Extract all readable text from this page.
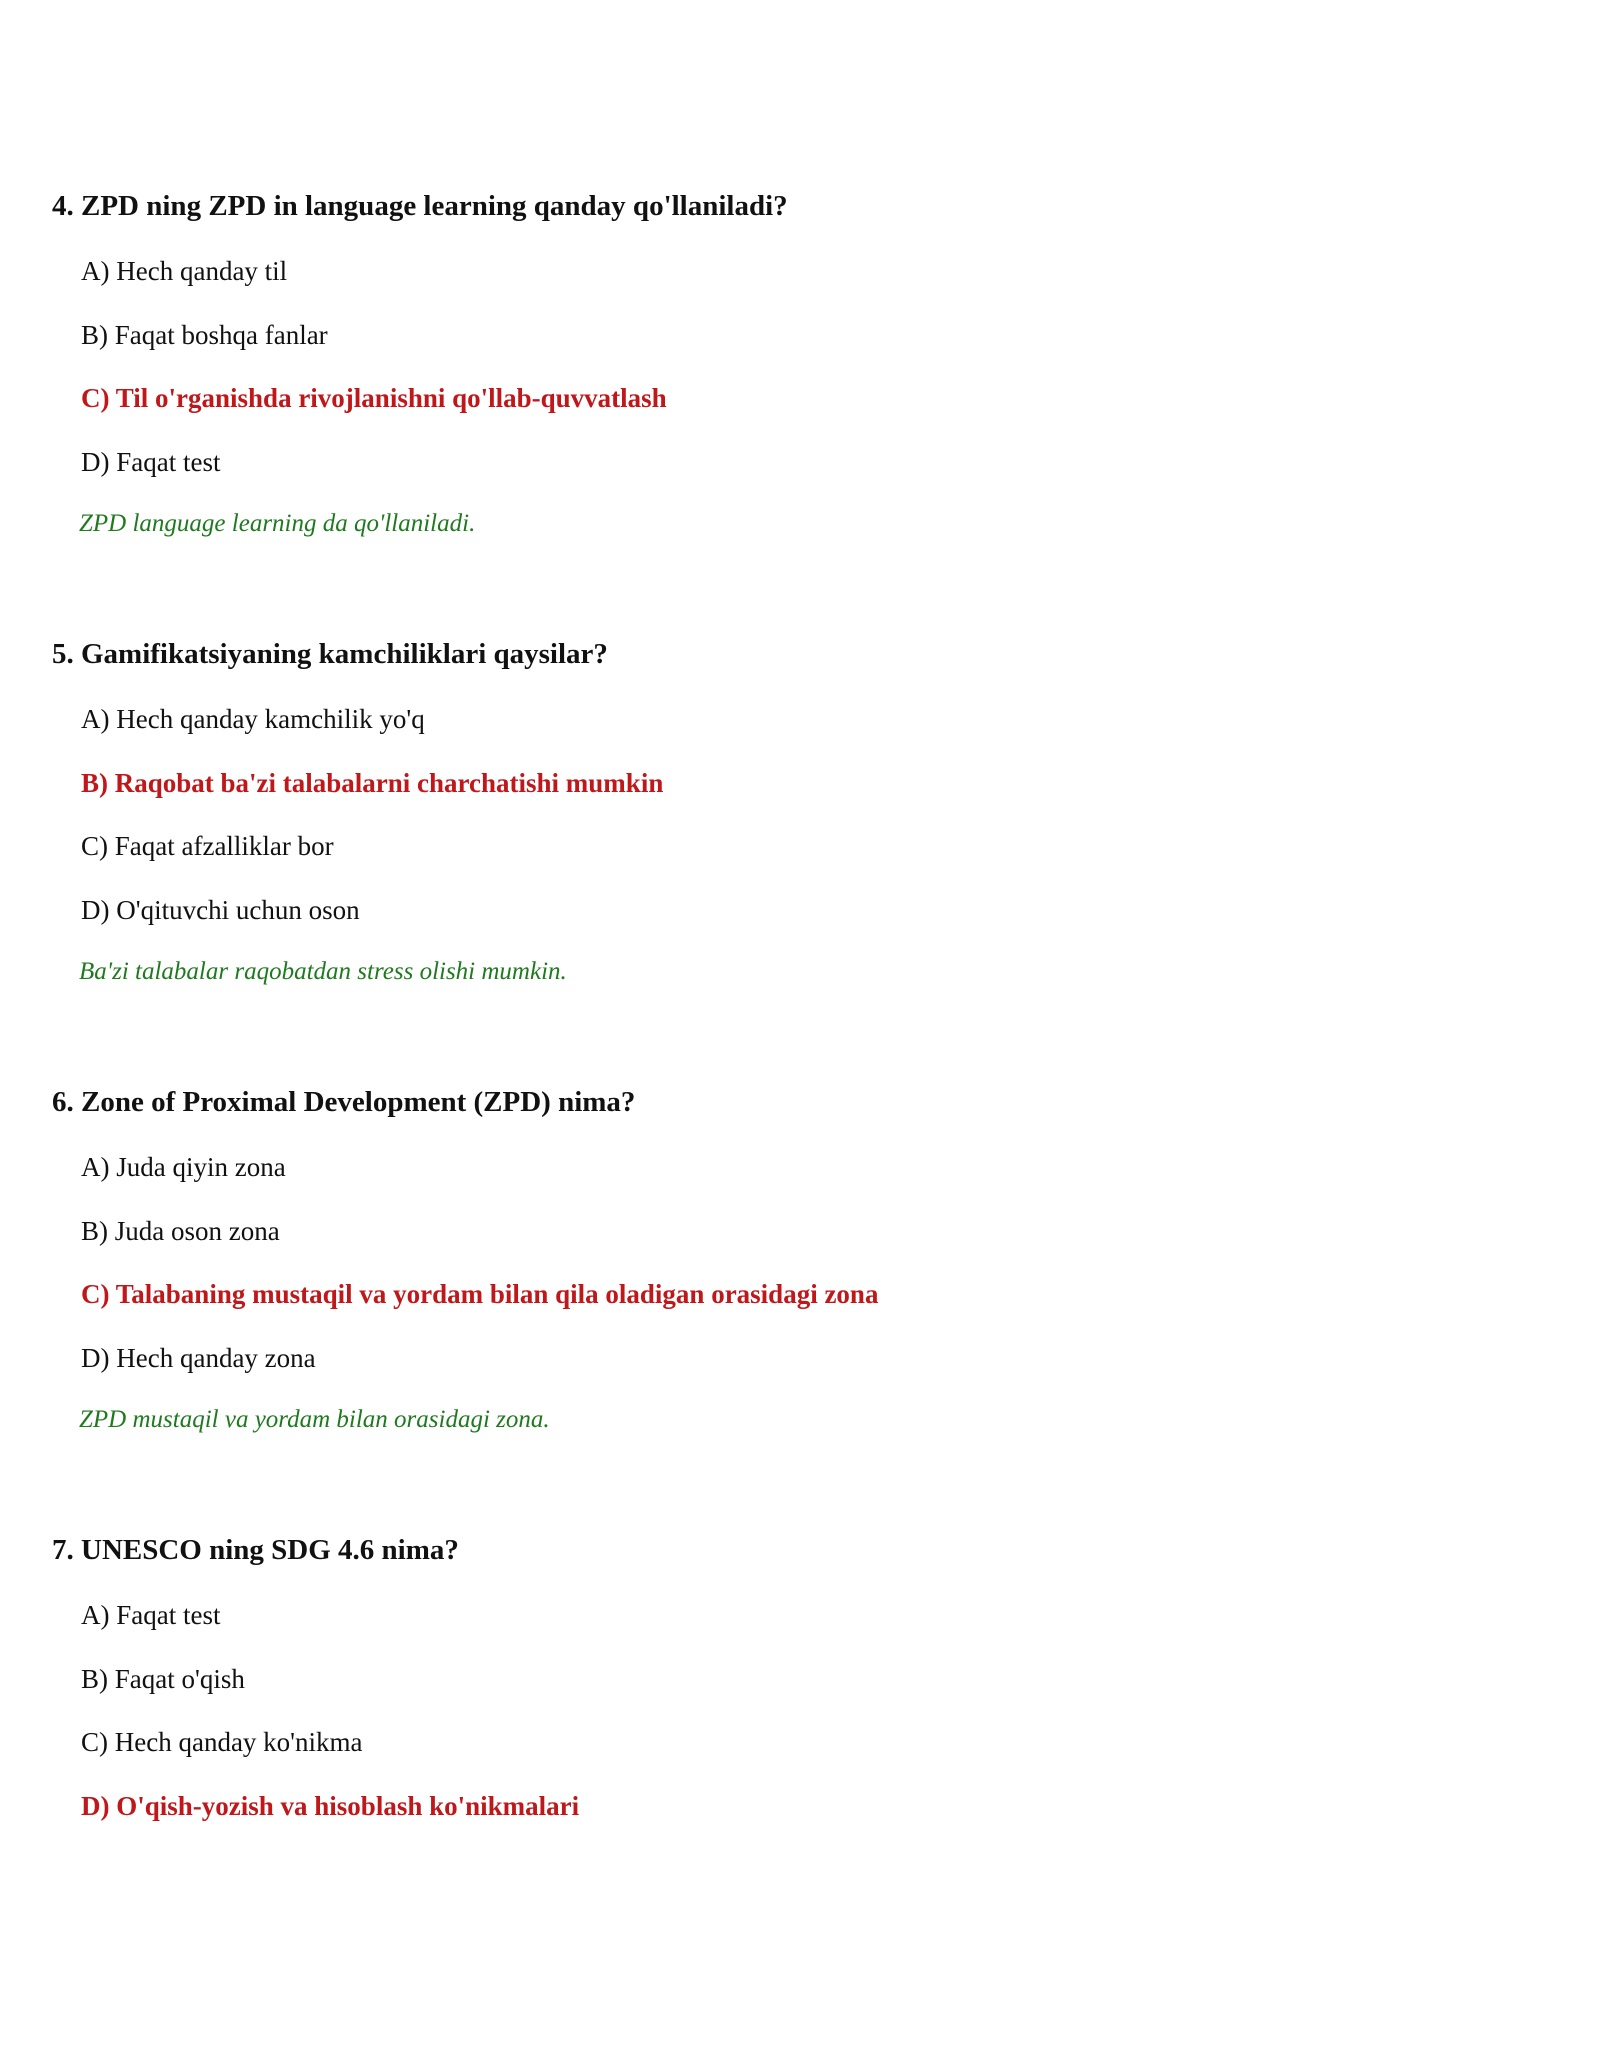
4. ZPD ning ZPD in language learning qanday qo'llaniladi?
A) Hech qanday til
B) Faqat boshqa fanlar
C) Til o'rganishda rivojlanishni qo'llab-quvvatlash
D) Faqat test
ZPD language learning da qo'llaniladi.
5. Gamifikatsiyaning kamchiliklari qaysilar?
A) Hech qanday kamchilik yo'q
B) Raqobat ba'zi talabalarni charchatishi mumkin
C) Faqat afzalliklar bor
D) O'qituvchi uchun oson
Ba'zi talabalar raqobatdan stress olishi mumkin.
6. Zone of Proximal Development (ZPD) nima?
A) Juda qiyin zona
B) Juda oson zona
C) Talabaning mustaqil va yordam bilan qila oladigan orasidagi zona
D) Hech qanday zona
ZPD mustaqil va yordam bilan orasidagi zona.
7. UNESCO ning SDG 4.6 nima?
A) Faqat test
B) Faqat o'qish
C) Hech qanday ko'nikma
D) O'qish-yozish va hisoblash ko'nikmalari
